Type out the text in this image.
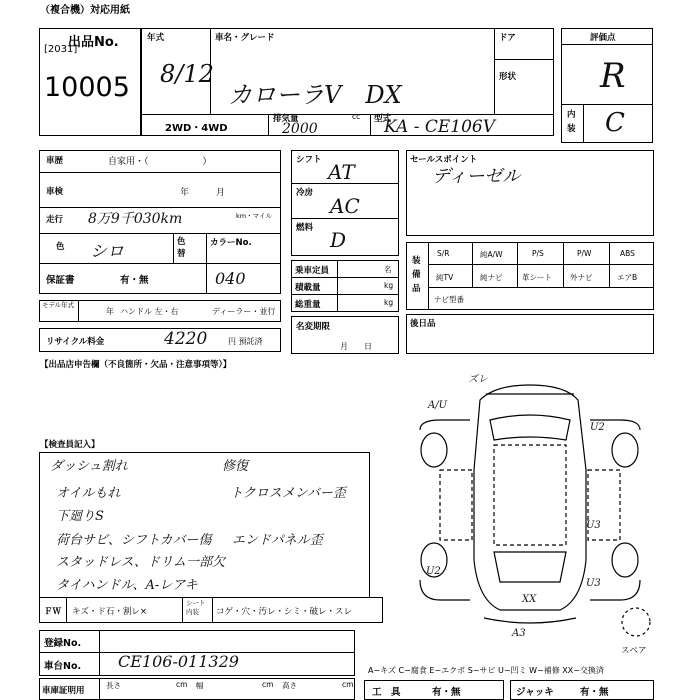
（複合機）対応用紙
出品No.
[2031]
10005
年式
8/12
車名・グレード
カローラV　DX
ドア
形状
2WD・4WD
排気量	cc
2000
型式
KA - CE106V
評価点
R
内装 C
車歴	自家用・（　　　　　　）
車検	年　　　月
走行 8万9千030km	km・マイル
色 シロ	色替
カラーNo.
040
保証書	有・無
モデル年式
年 ハンドル 左・右	ディーラー・並行
リサイクル料金	4220	円 預託済
シフト AT
冷房
AC
燃料 D
乗車定員	名
積載量	kg
総重量	kg
名変期限
月　　日
セールスポイント
ディーゼル
装備品
S/R	純A/W	P/S	P/W	ABS
純TV	純ナビ	革シート 外ナビ	エアB
ナビ型番
後日品
【出品店申告欄（不良箇所・欠品・注意事項等）】
【検査員記入】
ダッシュ割れ
オイルもれ
下廻りS
荷台サビ、シフトカバー傷
スタッドレス、ドリム一部欠
タイハンドル、A-レアキ
修復
トクロスメンバー歪
エンドパネル歪
ＦＷ キズ・ド石・割レ×
シート内装	コゲ・穴・汚レ・シミ・破レ・スレ
登録No.
車台No. CE106-011329
車庫証明用
長さ	cm 幅	cm 高さ	cm
A−キズ C−腐食 E−エクボ S−サビ U−凹ミ W−補修 XX−交換済
工　具	有・無	ジャッキ	有・無
スペア
ズレ
A/U
U2
U3
U3
XX
A3
U2
